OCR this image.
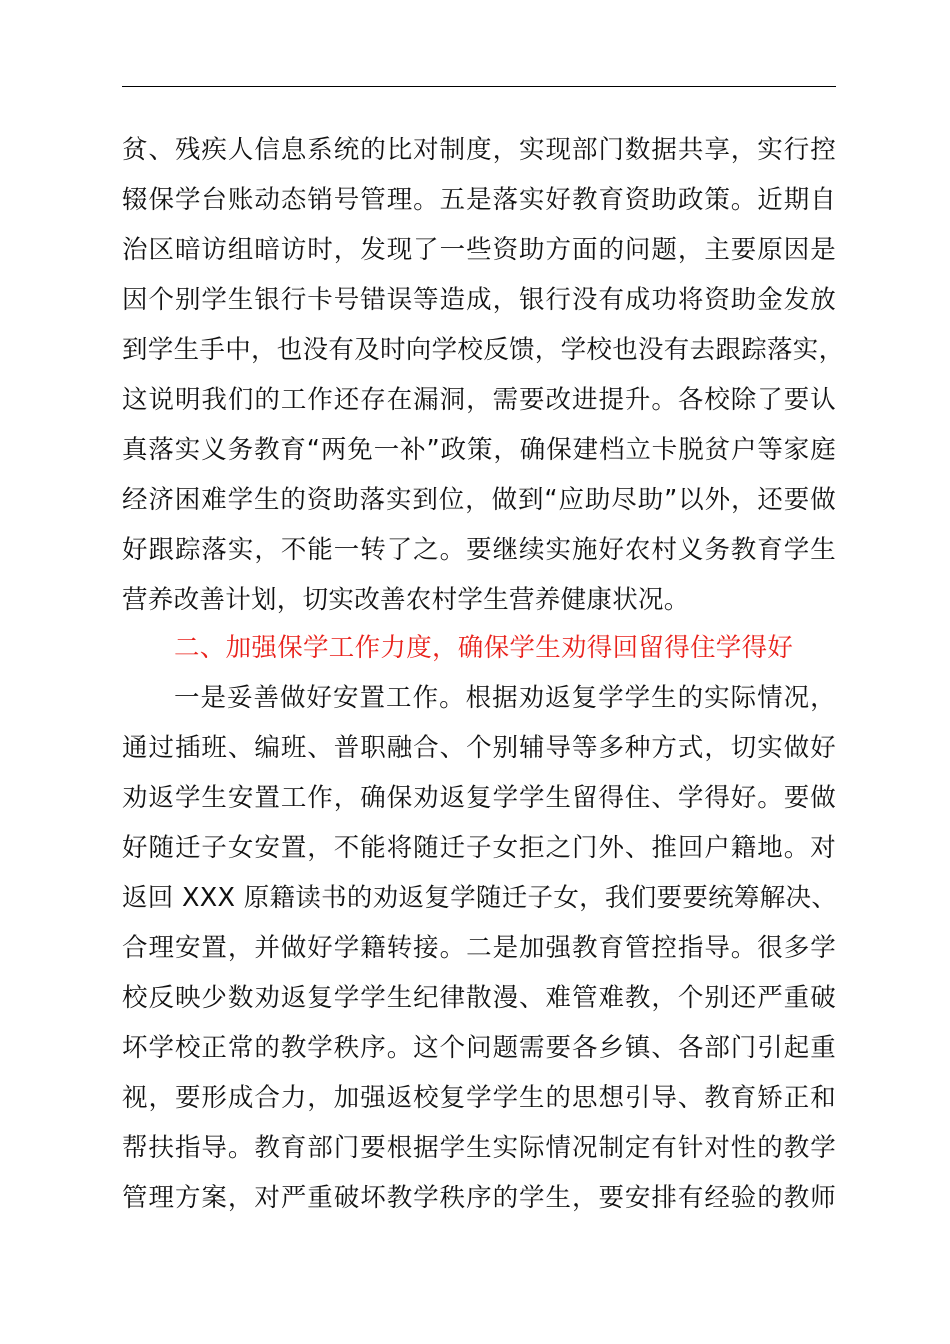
贫、残疾人信息系统的比对制度，实现部门数据共享，实行控
辍保学台账动态销号管理。五是落实好教育资助政策。近期自
治区暗访组暗访时，发现了一些资助方面的问题，主要原因是
因个别学生银行卡号错误等造成，银行没有成功将资助金发放
到学生手中，也没有及时向学校反馈，学校也没有去跟踪落实，
这说明我们的工作还存在漏洞，需要改进提升。各校除了要认
真落实义务教育“两免一补”政策，确保建档立卡脱贫户等家庭
经济困难学生的资助落实到位，做到“应助尽助”以外，还要做
好跟踪落实，不能一转了之。要继续实施好农村义务教育学生
营养改善计划，切实改善农村学生营养健康状况。
二、加强保学工作力度，确保学生劝得回留得住学得好
一是妥善做好安置工作。根据劝返复学学生的实际情况，
通过插班、编班、普职融合、个别辅导等多种方式，切实做好
劝返学生安置工作，确保劝返复学学生留得住、学得好。要做
好随迁子女安置，不能将随迁子女拒之门外、推回户籍地。对
返回 XXX 原籍读书的劝返复学随迁子女，我们要要统筹解决、
合理安置，并做好学籍转接。二是加强教育管控指导。很多学
校反映少数劝返复学学生纪律散漫、难管难教，个别还严重破
坏学校正常的教学秩序。这个问题需要各乡镇、各部门引起重
视，要形成合力，加强返校复学学生的思想引导、教育矫正和
帮扶指导。教育部门要根据学生实际情况制定有针对性的教学
管理方案，对严重破坏教学秩序的学生，要安排有经验的教师
